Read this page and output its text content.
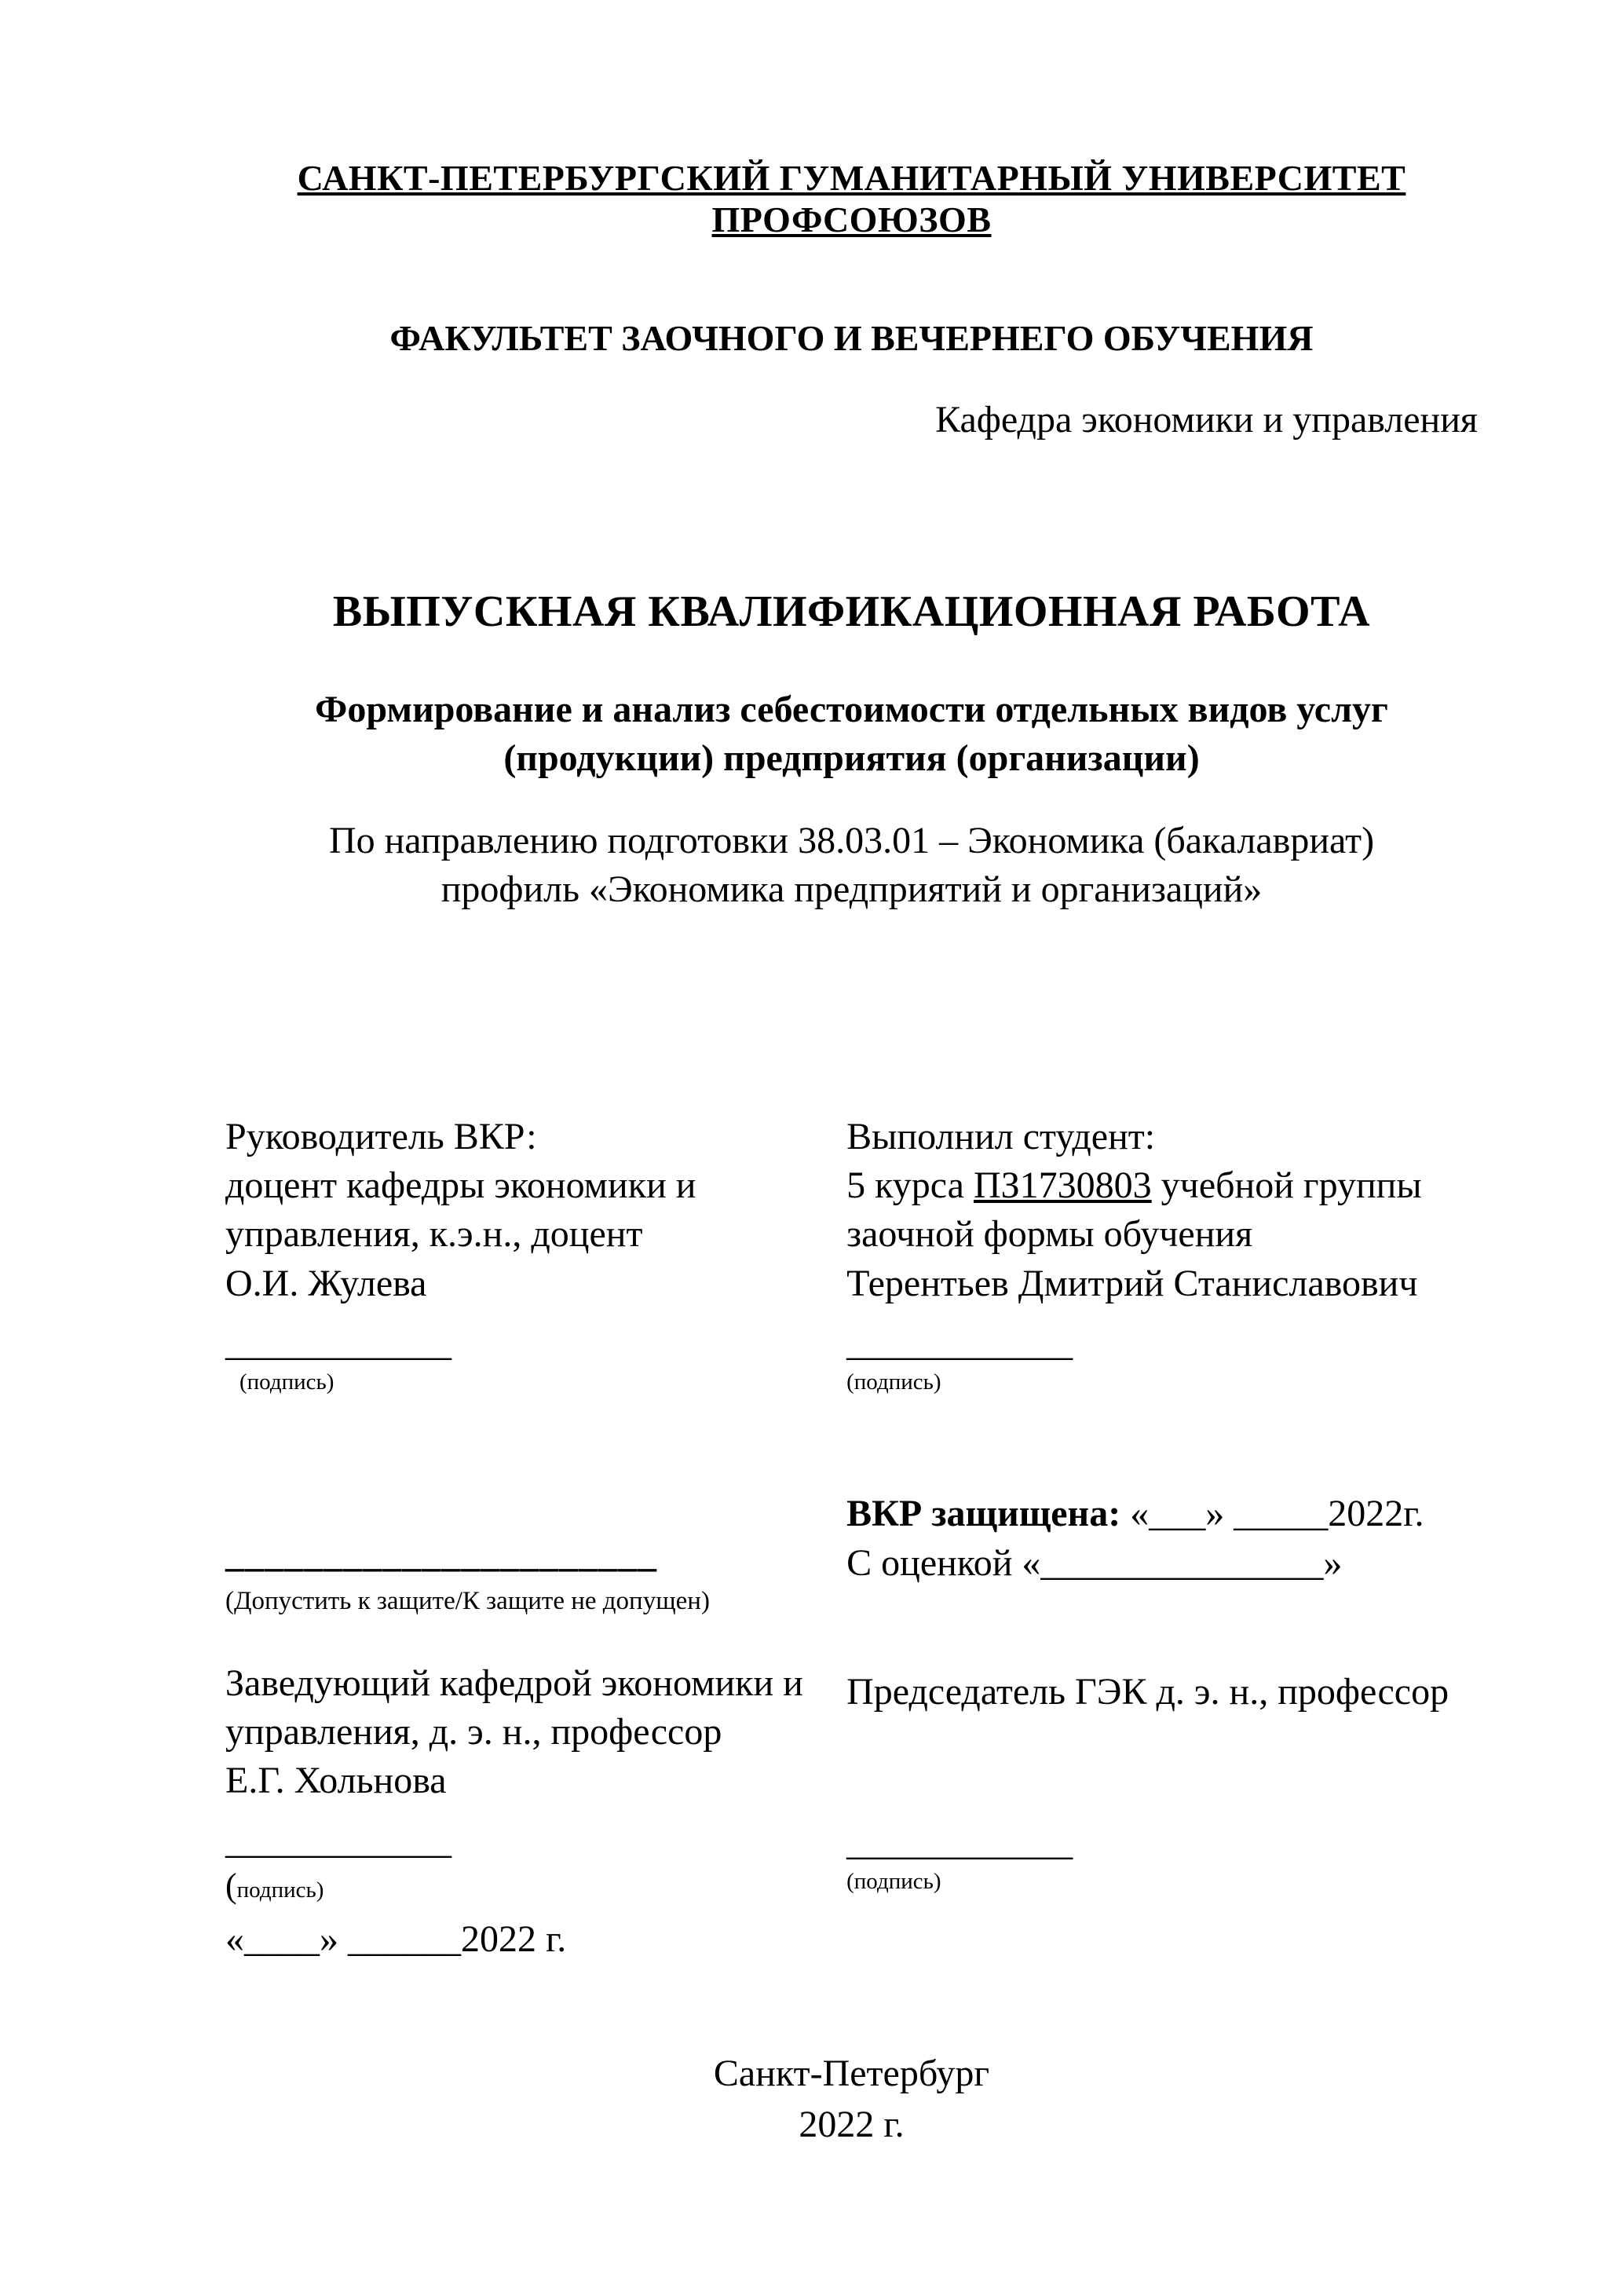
САНКТ-ПЕТЕРБУРГСКИЙ ГУМАНИТАРНЫЙ УНИВЕРСИТЕТ ПРОФСОЮЗОВ
ФАКУЛЬТЕТ ЗАОЧНОГО И ВЕЧЕРНЕГО ОБУЧЕНИЯ
Кафедра экономики и управления
ВЫПУСКНАЯ КВАЛИФИКАЦИОННАЯ РАБОТА
Формирование и анализ себестоимости отдельных видов услуг
(продукции) предприятия (организации)
По направлению подготовки 38.03.01 – Экономика (бакалавриат)
профиль «Экономика предприятий и организаций»
Руководитель ВКР:
доцент кафедры экономики и
управления, к.э.н., доцент
О.И. Жулева
____________
(подпись)
______________________
(Допустить к защите/К защите не допущен)
Заведующий кафедрой экономики и
управления, д. э. н., профессор
Е.Г. Хольнова
____________
(подпись)
«____» ______2022 г.
Выполнил студент:
5 курса ПЗ1730803 учебной группы
заочной формы обучения
Терентьев Дмитрий Станиславович
____________
(подпись)
ВКР защищена: «___» _____2022г.
С оценкой «_______________»
Председатель ГЭК д. э. н., профессор
____________
(подпись)
Санкт-Петербург
2022 г.
